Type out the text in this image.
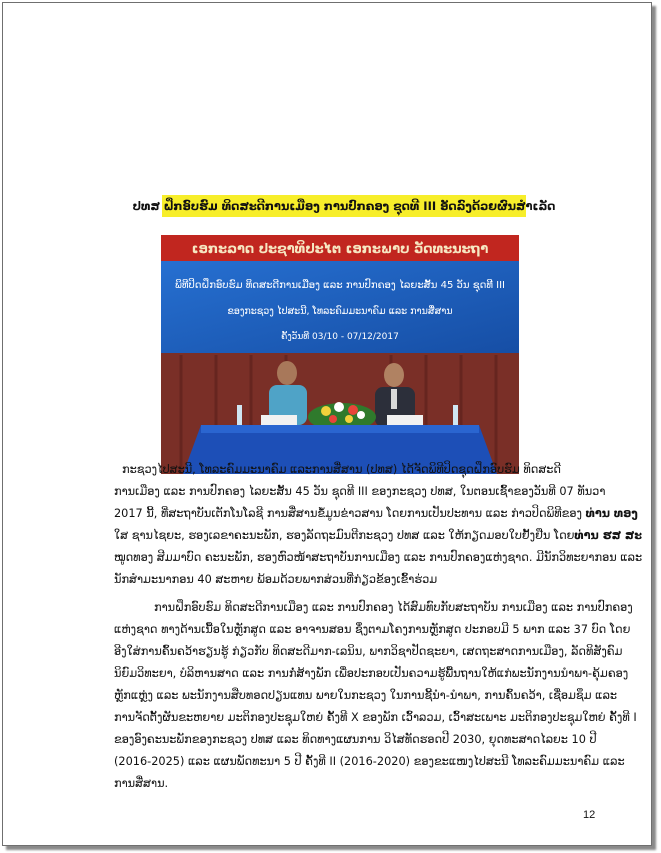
ປທສ ຝຶກອົບຮົມ ທິດສະດີການເມືອງ ການປົກຄອງ ຊຸດທີ III ອັດລົງດ້ວຍຜົນສຳເລັດ
ເອກະລາດ ປະຊາທິປະໄຕ ເອກະພາບ ວັດທະນະຖາ
ພິທີປິດຝຶກອົບຮົມ ທິດສະດີການເມືອງ ແລະ ການປົກຄອງ ໄລຍະສັ້ນ 45 ວັນ ຊຸດທີ III
ຂອງກະຊວງ ໄປສະນີ, ໂທລະຄົມມະນາຄົມ ແລະ ການສື່ສານ
ຄັ້ງວັນທີ 03/10 - 07/12/2017
ກະຊວງໄປສະນີ, ໂທລະຄົມມະນາຄົມ ແລະການສື່ສານ (ປທສ) ໄດ້ຈັດພິທີປິດຊຸດຝຶກອົບຮົມ ທິດສະດີ
ການເມືອງ ແລະ ການປົກຄອງ ໄລຍະສັ້ນ 45 ວັນ ຊຸດທີ III ຂອງກະຊວງ ປທສ, ໃນຕອນເຊົ້າຂອງວັນທີ 07 ທັນວາ
2017 ນີ້, ທີ່ສະຖາບັນເຕັກໂນໂລຊີ ການສື່ສານຂໍ້ມູນຂ່າວສານ ໂດຍການເປັນປະທານ ແລະ ກ່າວປິດພິທີຂອງ ທ່ານ ທອງ
ໃສ ຊານໄຊຍະ, ຮອງເລຂາຄະນະພັກ, ຮອງລັດຖະມົນຕີກະຊວງ ປທສ ແລະ ໃຫ້ກຽດມອບໃບຢັ້ງຢືນ ໂດຍທ່ານ ຮສ ສະ
ໝູດທອງ ສີມມາບົດ ຄະນະພັກ, ຮອງຫົວໜ້າສະຖາບັນການເມືອງ ແລະ ການປົກຄອງແຫ່ງຊາດ. ມີນັກວິທະຍາກອນ ແລະ
ນັກສຳມະນາກອນ 40 ສະຫາຍ ພ້ອມດ້ວຍພາກສ່ວນທີ່ກ່ຽວຂ້ອງເຂົ້າຮ່ວມ
ການຝຶກອົບຮົມ ທິດສະດີການເມືອງ ແລະ ການປົກຄອງ ໄດ້ສົມທົບກັບສະຖາບັນ ການເມືອງ ແລະ ການປົກຄອງ
ແຫ່ງຊາດ ທາງດ້ານເນື້ອໃນຫຼັກສູດ ແລະ ອາຈານສອນ ຊຶ່ງຕາມໂຄງການຫຼັກສູດ ປະກອບມີ 5 ພາກ ແລະ 37 ບົດ ໂດຍ
ອີງໃສ່ການຄົ້ນຄວ້າຮຽນຮູ້ ກ່ຽວກັບ ທິດສະດີມາກ-ເລນິນ, ພາກວິຊາປັດຊະຍາ, ເສດຖະສາດການເມືອງ, ລັດທິສັງຄົມ
ນິຍົມວິທະຍາ, ບໍລິຫານສາດ ແລະ ການກໍ່ສ້າງພັກ ເພື່ອປະກອບເປັນຄວາມຮູ້ພື້ນຖານໃຫ້ແກ່ພະນັກງານນຳພາ-ຄຸ້ມຄອງ
ຫຼັກແຫຼ່ງ ແລະ ພະນັກງານສືບທອດປຽນແທນ ພາຍໃນກະຊວງ ໃນການຊີ້ນຳ-ນຳພາ, ການຄົ້ນຄວ້າ, ເຊື່ອມຊຶມ ແລະ
ການຈັດຕັ້ງຜັນຂະຫຍາຍ ມະຕິກອງປະຊຸມໃຫຍ່ ຄັ້ງທີ X ຂອງພັກ ເວົ້າລວມ, ເວົ້າສະເພາະ ມະຕິກອງປະຊຸມໃຫຍ່ ຄັ້ງທີ I
ຂອງອົງຄະນະພັກຂອງກະຊວງ ປທສ ແລະ ທິດທາງແຜນການ ວິໄສທັດຮອດປີ 2030, ຍຸດທະສາດໄລຍະ 10 ປີ
(2016-2025) ແລະ ແຜນພັດທະນາ 5 ປີ ຄັ້ງທີ II (2016-2020) ຂອງຂະແໜງໄປສະນີ ໂທລະຄົມມະນາຄົມ ແລະ
ການສື່ສານ.
12
